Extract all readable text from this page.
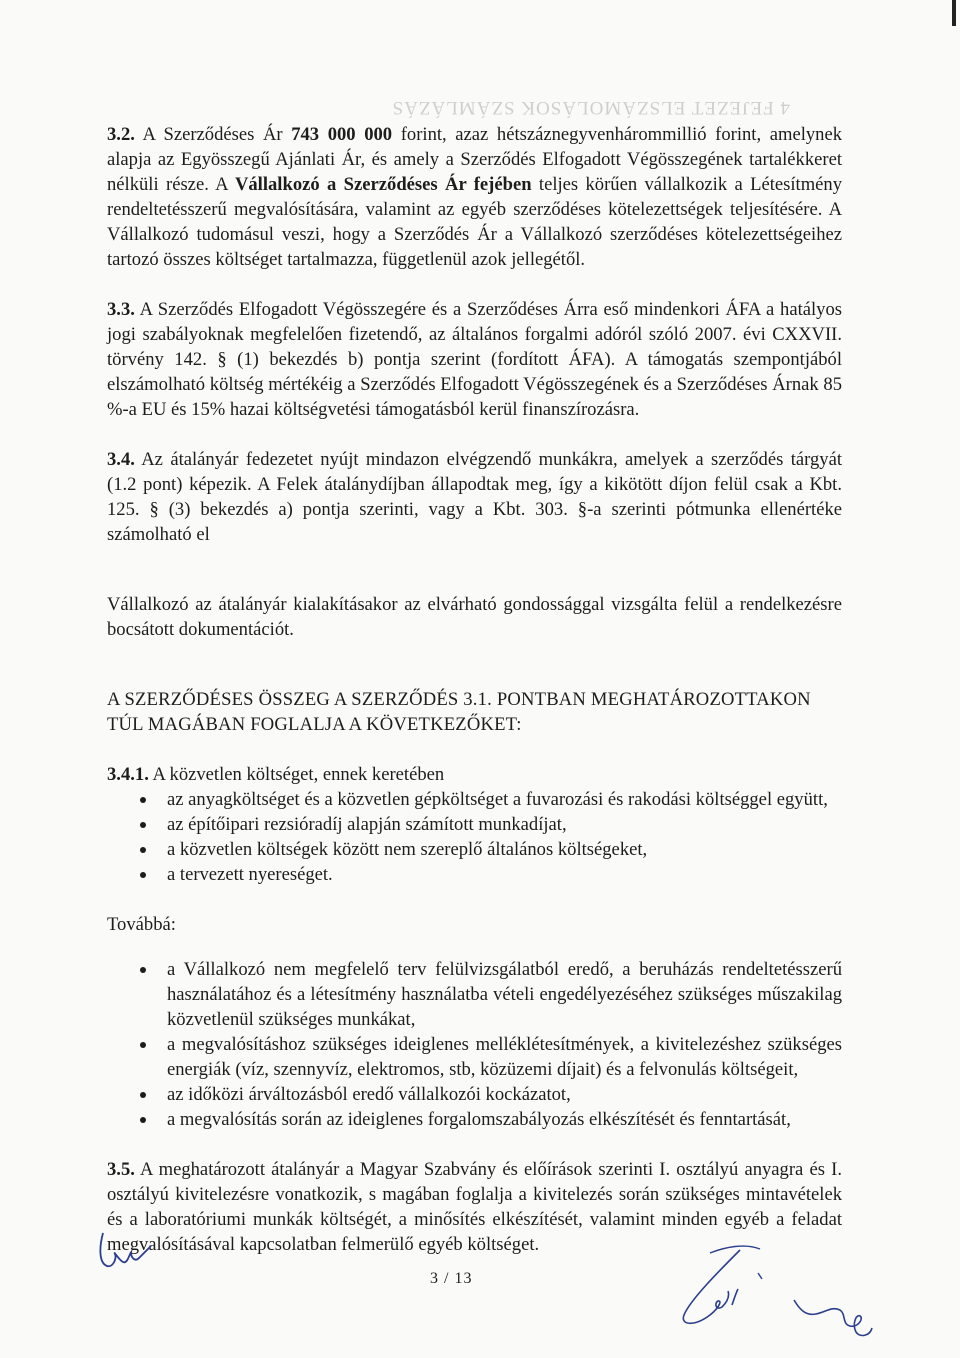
4 FEJEZET ELSZÁMOLÁSOK SZÁMLÁZÁS

3.2. A Szerződéses Ár 743 000 000 forint, azaz hétszáznegyvenhárommillió forint, amelynek alapja az Egyösszegű Ajánlati Ár, és amely a Szerződés Elfogadott Végösszegének tartalékkeret nélküli része. A Vállalkozó a Szerződéses Ár fejében teljes körűen vállalkozik a Létesítmény rendeltetésszerű megvalósítására, valamint az egyéb szerződéses kötelezettségek teljesítésére. A Vállalkozó tudomásul veszi, hogy a Szerződés Ár a Vállalkozó szerződéses kötelezettségeihez tartozó összes költséget tartalmazza, függetlenül azok jellegétől.

3.3. A Szerződés Elfogadott Végösszegére és a Szerződéses Árra eső mindenkori ÁFA a hatályos jogi szabályoknak megfelelően fizetendő, az általános forgalmi adóról szóló 2007. évi CXXVII. törvény 142. § (1) bekezdés b) pontja szerint (fordított ÁFA). A támogatás szempontjából elszámolható költség mértékéig a Szerződés Elfogadott Végösszegének és a Szerződéses Árnak 85 %-a EU és 15% hazai költségvetési támogatásból kerül finanszírozásra.

3.4. Az átalányár fedezetet nyújt mindazon elvégzendő munkákra, amelyek a szerződés tárgyát (1.2 pont) képezik. A Felek átalánydíjban állapodtak meg, így a kikötött díjon felül csak a Kbt. 125. § (3) bekezdés a) pontja szerinti, vagy a Kbt. 303. §-a szerinti pótmunka ellenértéke számolható el

Vállalkozó az átalányár kialakításakor az elvárható gondossággal vizsgálta felül a rendelkezésre bocsátott dokumentációt.

A SZERZŐDÉSES ÖSSZEG A SZERZŐDÉS 3.1. PONTBAN MEGHATÁROZOTTAKON TÚL MAGÁBAN FOGLALJA A KÖVETKEZŐKET:

3.4.1. A közvetlen költséget, ennek keretében

az anyagköltséget és a közvetlen gépköltséget a fuvarozási és rakodási költséggel együtt,
az építőipari rezsióradíj alapján számított munkadíjat,
a közvetlen költségek között nem szereplő általános költségeket,
a tervezett nyereséget.

Továbbá:

a Vállalkozó nem megfelelő terv felülvizsgálatból eredő, a beruházás rendeltetésszerű használatához és a létesítmény használatba vételi engedélyezéséhez szükséges műszakilag közvetlenül szükséges munkákat,
a megvalósításhoz szükséges ideiglenes melléklétesítmények, a kivitelezéshez szükséges energiák (víz, szennyvíz, elektromos, stb, közüzemi díjait) és a felvonulás költségeit,
az időközi árváltozásból eredő vállalkozói kockázatot,
a megvalósítás során az ideiglenes forgalomszabályozás elkészítését és fenntartását,

3.5. A meghatározott átalányár a Magyar Szabvány és előírások szerinti I. osztályú anyagra és I. osztályú kivitelezésre vonatkozik, s magában foglalja a kivitelezés során szükséges mintavételek és a laboratóriumi munkák költségét, a minősítés elkészítését, valamint minden egyéb a feladat megvalósításával kapcsolatban felmerülő egyéb költséget.

3 / 13
